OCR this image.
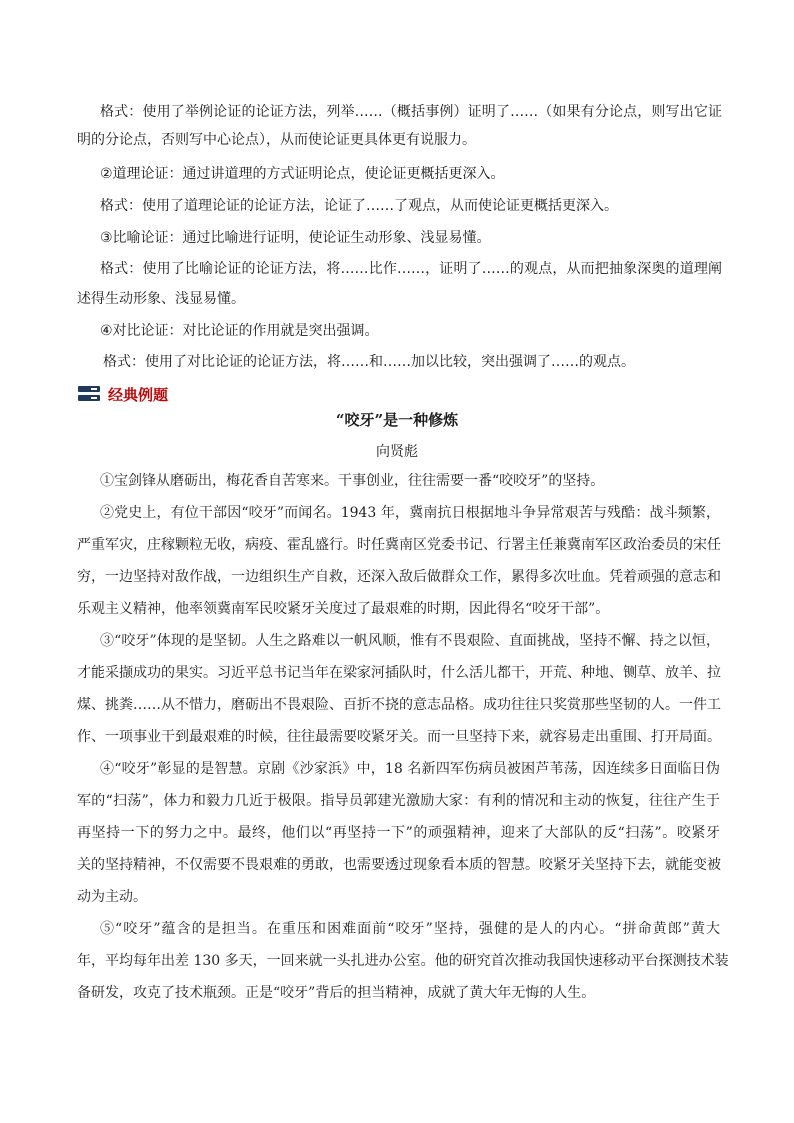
格式：使用了举例论证的论证方法，列举……（概括事例）证明了……（如果有分论点，则写出它证
明的分论点，否则写中心论点），从而使论证更具体更有说服力。
②道理论证：通过讲道理的方式证明论点，使论证更概括更深入。
格式：使用了道理论证的论证方法，论证了……了观点，从而使论证更概括更深入。
③比喻论证：通过比喻进行证明，使论证生动形象、浅显易懂。
格式：使用了比喻论证的论证方法，将……比作……，证明了……的观点，从而把抽象深奥的道理阐
述得生动形象、浅显易懂。
④对比论证：对比论证的作用就是突出强调。
格式：使用了对比论证的论证方法，将……和……加以比较，突出强调了……的观点。
经典例题
“咬牙”是一种修炼
向贤彪
①宝剑锋从磨砺出，梅花香自苦寒来。干事创业，往往需要一番“咬咬牙”的坚持。
②党史上，有位干部因“咬牙”而闻名。1943 年，冀南抗日根据地斗争异常艰苦与残酷：战斗频繁，
严重军灾，庄稼颗粒无收，病疫、霍乱盛行。时任冀南区党委书记、行署主任兼冀南军区政治委员的宋任
穷，一边坚持对敌作战，一边组织生产自救，还深入敌后做群众工作，累得多次吐血。凭着顽强的意志和
乐观主义精神，他率领冀南军民咬紧牙关度过了最艰难的时期，因此得名“咬牙干部”。
③“咬牙”体现的是坚韧。人生之路难以一帆风顺，惟有不畏艰险、直面挑战，坚持不懈、持之以恒，
才能采撷成功的果实。习近平总书记当年在梁家河插队时，什么活儿都干，开荒、种地、铡草、放羊、拉
煤、挑粪……从不惜力，磨砺出不畏艰险、百折不挠的意志品格。成功往往只奖赏那些坚韧的人。一件工
作、一项事业干到最艰难的时候，往往最需要咬紧牙关。而一旦坚持下来，就容易走出重围、打开局面。
④“咬牙”彰显的是智慧。京剧《沙家浜》中，18 名新四军伤病员被困芦苇荡，因连续多日面临日伪
军的“扫荡”，体力和毅力几近于极限。指导员郭建光激励大家：有利的情况和主动的恢复，往往产生于
再坚持一下的努力之中。最终，他们以“再坚持一下”的顽强精神，迎来了大部队的反“扫荡”。咬紧牙
关的坚持精神，不仅需要不畏艰难的勇敢，也需要透过现象看本质的智慧。咬紧牙关坚持下去，就能变被
动为主动。
⑤“咬牙”蕴含的是担当。在重压和困难面前“咬牙”坚持，强健的是人的内心。“拼命黄郎”黄大
年，平均每年出差 130 多天，一回来就一头扎进办公室。他的研究首次推动我国快速移动平台探测技术装
备研发，攻克了技术瓶颈。正是“咬牙”背后的担当精神，成就了黄大年无悔的人生。
